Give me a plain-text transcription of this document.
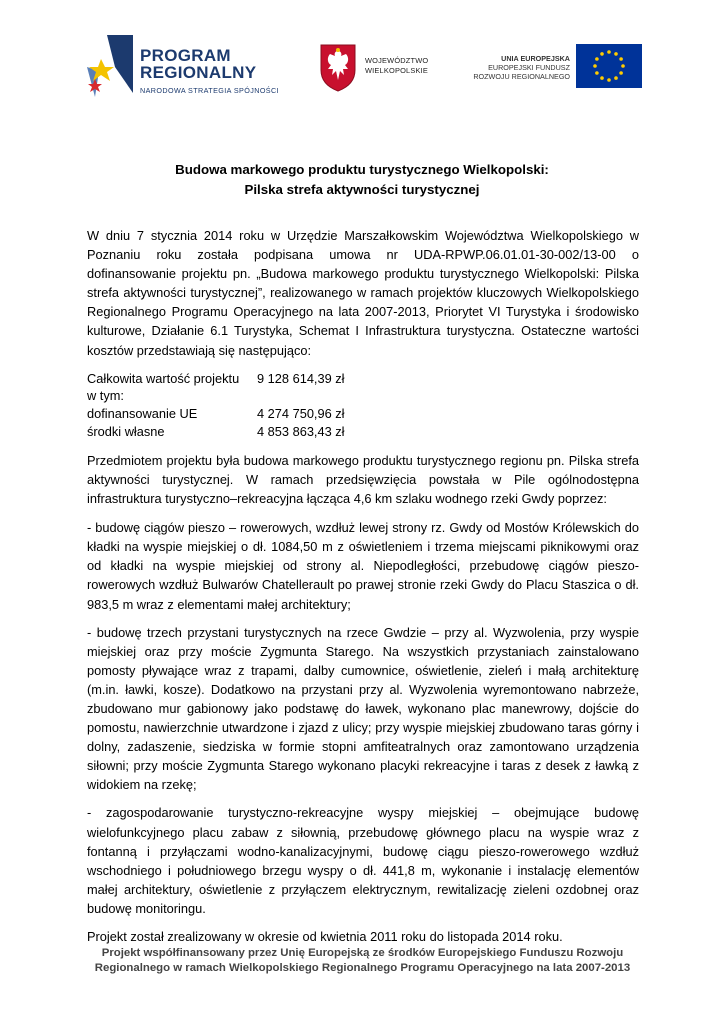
PROGRAM
REGIONALNY
NARODOWA STRATEGIA SPÓJNOŚCI
WOJEWÓDZTWO
WIELKOPOLSKIE
UNIA EUROPEJSKA
EUROPEJSKI FUNDUSZ
ROZWOJU REGIONALNEGO
Budowa markowego produktu turystycznego Wielkopolski:
Pilska strefa aktywności turystycznej

W dniu 7 stycznia 2014 roku w Urzędzie Marszałkowskim Województwa Wielkopolskiego w Poznaniu roku została podpisana umowa nr UDA-RPWP.06.01.01-30-002/13-00 o dofinansowanie projektu pn. „Budowa markowego produktu turystycznego Wielkopolski: Pilska strefa aktywności turystycznej”, realizowanego w ramach projektów kluczowych Wielkopolskiego Regionalnego Programu Operacyjnego na lata 2007-2013, Priorytet VI Turystyka i środowisko kulturowe, Działanie 6.1 Turystyka, Schemat I Infrastruktura turystyczna. Ostateczne wartości kosztów przedstawiają się następująco:

Całkowita wartość projektu	9 128 614,39 zł
w tym:
dofinansowanie UE	4 274 750,96 zł
środki własne	4 853 863,43 zł

Przedmiotem projektu była budowa markowego produktu turystycznego regionu pn. Pilska strefa aktywności turystycznej. W ramach przedsięwzięcia powstała w Pile ogólnodostępna infrastruktura turystyczno–rekreacyjna łącząca 4,6 km szlaku wodnego rzeki Gwdy poprzez:

- budowę ciągów pieszo – rowerowych, wzdłuż lewej strony rz. Gwdy od Mostów Królewskich do kładki na wyspie miejskiej o dł. 1084,50 m z oświetleniem i trzema miejscami piknikowymi oraz od kładki na wyspie miejskiej od strony al. Niepodległości, przebudowę ciągów pieszo-rowerowych wzdłuż Bulwarów Chatellerault po prawej stronie rzeki Gwdy do Placu Staszica o dł. 983,5 m wraz z elementami małej architektury;

- budowę trzech przystani turystycznych na rzece Gwdzie – przy al. Wyzwolenia, przy wyspie miejskiej oraz przy moście Zygmunta Starego. Na wszystkich przystaniach zainstalowano pomosty pływające wraz z trapami, dalby cumownice, oświetlenie, zieleń i małą architekturę (m.in. ławki, kosze). Dodatkowo na przystani przy al. Wyzwolenia wyremontowano nabrzeże, zbudowano mur gabionowy jako podstawę do ławek, wykonano plac manewrowy, dojście do pomostu, nawierzchnie utwardzone i zjazd z ulicy; przy wyspie miejskiej zbudowano taras górny i dolny, zadaszenie, siedziska w formie stopni amfiteatralnych oraz zamontowano urządzenia siłowni; przy moście Zygmunta Starego wykonano placyki rekreacyjne i taras z desek z ławką z widokiem na rzekę;

- zagospodarowanie turystyczno-rekreacyjne wyspy miejskiej – obejmujące budowę wielofunkcyjnego placu zabaw z siłownią, przebudowę głównego placu na wyspie wraz z fontanną i przyłączami wodno-kanalizacyjnymi, budowę ciągu pieszo-rowerowego wzdłuż wschodniego i południowego brzegu wyspy o dł. 441,8 m, wykonanie i instalację elementów małej architektury, oświetlenie z przyłączem elektrycznym, rewitalizację zieleni ozdobnej oraz budowę monitoringu.

Projekt został zrealizowany w okresie od kwietnia 2011 roku do listopada 2014 roku.

Projekt współfinansowany przez Unię Europejską ze środków Europejskiego Funduszu Rozwoju
Regionalnego w ramach Wielkopolskiego Regionalnego Programu Operacyjnego na lata 2007-2013
